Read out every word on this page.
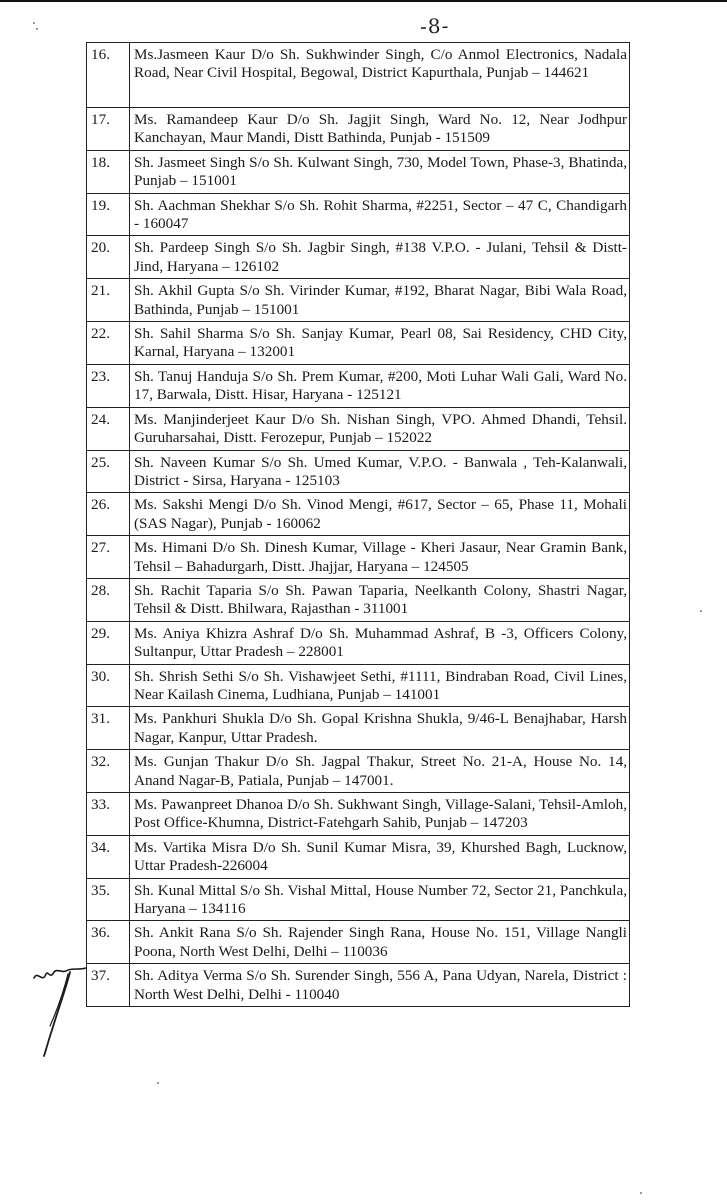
-8-
16.	Ms.Jasmeen Kaur D/o Sh. Sukhwinder Singh, C/o Anmol Electronics, Nadala Road, Near Civil Hospital, Begowal, District Kapurthala, Punjab – 144621
17.	Ms. Ramandeep Kaur D/o Sh. Jagjit Singh, Ward No. 12, Near Jodhpur Kanchayan, Maur Mandi, Distt Bathinda, Punjab - 151509
18.	Sh. Jasmeet Singh S/o Sh. Kulwant Singh, 730, Model Town, Phase-3, Bhatinda, Punjab – 151001
19.	Sh. Aachman Shekhar S/o Sh. Rohit Sharma, #2251, Sector – 47 C, Chandigarh - 160047
20.	Sh. Pardeep Singh S/o Sh. Jagbir Singh, #138 V.P.O. - Julani, Tehsil & Distt- Jind, Haryana – 126102
21.	Sh. Akhil Gupta S/o Sh. Virinder Kumar, #192, Bharat Nagar, Bibi Wala Road, Bathinda, Punjab – 151001
22.	Sh. Sahil Sharma S/o Sh. Sanjay Kumar, Pearl 08, Sai Residency, CHD City, Karnal, Haryana – 132001
23.	Sh. Tanuj Handuja S/o Sh. Prem Kumar, #200, Moti Luhar Wali Gali, Ward No. 17, Barwala, Distt. Hisar, Haryana - 125121
24.	Ms. Manjinderjeet Kaur D/o Sh. Nishan Singh, VPO. Ahmed Dhandi, Tehsil. Guruharsahai, Distt. Ferozepur, Punjab – 152022
25.	Sh. Naveen Kumar S/o Sh. Umed Kumar, V.P.O. - Banwala , Teh-Kalanwali, District - Sirsa, Haryana - 125103
26.	Ms. Sakshi Mengi D/o Sh. Vinod Mengi, #617, Sector – 65, Phase 11, Mohali (SAS Nagar), Punjab - 160062
27.	Ms. Himani D/o Sh. Dinesh Kumar, Village - Kheri Jasaur, Near Gramin Bank, Tehsil – Bahadurgarh, Distt. Jhajjar, Haryana – 124505
28.	Sh. Rachit Taparia S/o Sh. Pawan Taparia, Neelkanth Colony, Shastri Nagar, Tehsil & Distt. Bhilwara, Rajasthan - 311001
29.	Ms. Aniya Khizra Ashraf D/o Sh. Muhammad Ashraf, B -3, Officers Colony, Sultanpur, Uttar Pradesh – 228001
30.	Sh. Shrish Sethi S/o Sh. Vishawjeet Sethi, #1111, Bindraban Road, Civil Lines, Near Kailash Cinema, Ludhiana, Punjab – 141001
31.	Ms. Pankhuri Shukla D/o Sh. Gopal Krishna Shukla, 9/46-L Benajhabar, Harsh Nagar, Kanpur, Uttar Pradesh.
32.	Ms. Gunjan Thakur D/o Sh. Jagpal Thakur, Street No. 21-A, House No. 14, Anand Nagar-B, Patiala, Punjab – 147001.
33.	Ms. Pawanpreet Dhanoa D/o Sh. Sukhwant Singh, Village-Salani, Tehsil-Amloh, Post Office-Khumna, District-Fatehgarh Sahib, Punjab – 147203
34.	Ms. Vartika Misra D/o Sh. Sunil Kumar Misra, 39, Khurshed Bagh, Lucknow, Uttar Pradesh-226004
35.	Sh. Kunal Mittal S/o Sh. Vishal Mittal, House Number 72, Sector 21, Panchkula, Haryana – 134116
36.	Sh. Ankit Rana S/o Sh. Rajender Singh Rana, House No. 151, Village Nangli Poona, North West Delhi, Delhi – 110036
37.	Sh. Aditya Verma S/o Sh. Surender Singh, 556 A, Pana Udyan, Narela, District : North West Delhi, Delhi - 110040
